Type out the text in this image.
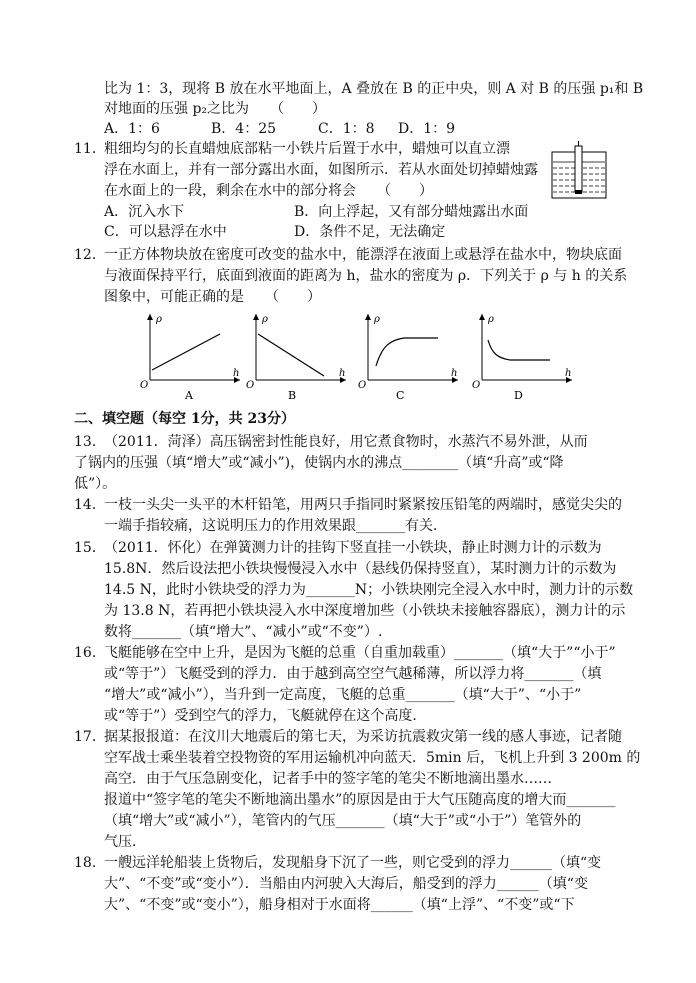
比为 1：3，现将 B 放在水平地面上，A 叠放在 B 的正中央，则 A 对 B 的压强 p₁和 B
对地面的压强 p₂之比为　　（　　）
A．1：6	B．4：25	C．1：8 D．1：9
11．
粗细均匀的长直蜡烛底部粘一小铁片后置于水中，蜡烛可以直立漂
浮在水面上，并有一部分露出水面，如图所示．若从水面处切掉蜡烛露
在水面上的一段，剩余在水中的部分将会　　（　　）
A．沉入水下	B．向上浮起，又有部分蜡烛露出水面
C．可以悬浮在水中	D．条件不足，无法确定
12．
一正方体物块放在密度可改变的盐水中，能漂浮在液面上或悬浮在盐水中，物块底面
与液面保持平行，底面到液面的距离为 h，盐水的密度为 ρ．下列关于 ρ 与 h 的关系
图象中，可能正确的是　　（　　）
ρ
h
O
A
ρ
h
O
B
ρ
h
O
C
ρ
h
O
D
二、填空题（每空 1分，共 23分）
13．
（2011．菏泽）高压锅密封性能良好，用它煮食物时，水蒸汽不易外泄，从而
了锅内的压强（填“增大”或“减小”)，使锅内水的沸点________（填“升高”或“降
低”）。
14．
一枝一头尖一头平的木杆铅笔，用两只手指同时紧紧按压铅笔的两端时，感觉尖尖的
一端手指较痛，这说明压力的作用效果跟_______有关．
15．
（2011．怀化）在弹簧测力计的挂钩下竖直挂一小铁块，静止时测力计的示数为
15.8N．然后设法把小铁块慢慢浸入水中（悬线仍保持竖直），某时测力计的示数为
14.5 N，此时小铁块受的浮力为_______N；小铁块刚完全浸入水中时，测力计的示数
为 13.8 N，若再把小铁块浸入水中深度增加些（小铁块未接触容器底），测力计的示
数将_______（填“增大”、“减小”或“不变”）.
16．
飞艇能够在空中上升，是因为飞艇的总重（自重加载重）_______（填“大于”“小于”
或“等于”）飞艇受到的浮力．由于越到高空空气越稀薄，所以浮力将_______（填
“增大”或“减小”），当升到一定高度，飞艇的总重_______（填“大于”、“小于”
或“等于”）受到空气的浮力，飞艇就停在这个高度．
17．
据某报报道：在汶川大地震后的第七天，为采访抗震救灾第一线的感人事迹，记者随
空军战士乘坐装着空投物资的军用运输机冲向蓝天．5min 后，飞机上升到 3 200m 的
高空．由于气压急剧变化，记者手中的签字笔的笔尖不断地滴出墨水……
报道中“签字笔的笔尖不断地滴出墨水”的原因是由于大气压随高度的增大而_______
（填“增大”或“减小”），笔管内的气压_______（填“大于”或“小于”）笔管外的
气压．
18．
一艘远洋轮船装上货物后，发现船身下沉了一些，则它受到的浮力______（填“变
大”、“不变”或“变小”）．当船由内河驶入大海后，船受到的浮力______（填“变
大”、“不变”或“变小”），船身相对于水面将______（填“上浮”、“不变”或“下
